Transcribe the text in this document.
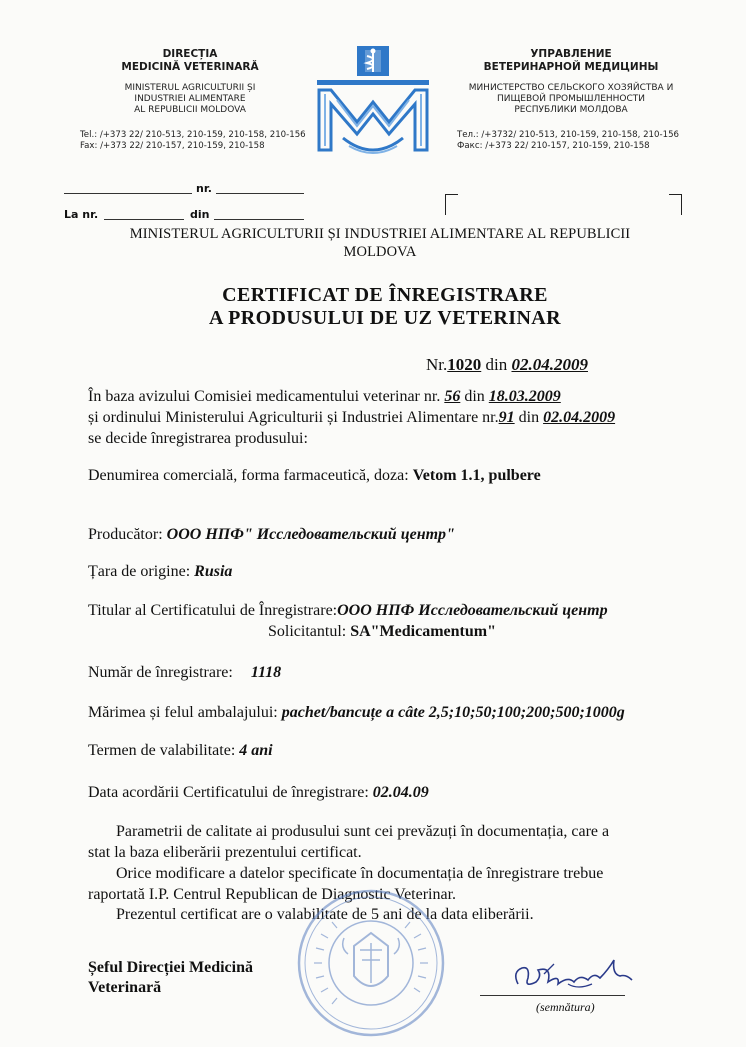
DIRECȚIA
MEDICINĂ VETERINARĂ
MINISTERUL AGRICULTURII ȘI
INDUSTRIEI ALIMENTARE
AL REPUBLICII MOLDOVA
Tel.: /+373 22/ 210-513, 210-159, 210-158, 210-156
Fax: /+373 22/ 210-157, 210-159, 210-158
УПРАВЛЕНИЕ
ВЕТЕРИНАРНОЙ МЕДИЦИНЫ
МИНИСТЕРСТВО СЕЛЬСКОГО ХОЗЯЙСТВА И
ПИЩЕВОЙ ПРОМЫШЛЕННОСТИ
РЕСПУБЛИКИ МОЛДОВА
Тел.: /+3732/ 210-513, 210-159, 210-158, 210-156
Факс: /+373 22/ 210-157, 210-159, 210-158
nr.
La nr.	din
MINISTERUL AGRICULTURII ȘI INDUSTRIEI ALIMENTARE AL REPUBLICII
MOLDOVA
CERTIFICAT DE ÎNREGISTRARE
A PRODUSULUI DE UZ VETERINAR
Nr.1020 din 02.04.2009
În baza avizului Comisiei medicamentului veterinar nr. 56 din 18.03.2009
și ordinului Ministerului Agriculturii și Industriei Alimentare nr.91 din 02.04.2009
se decide înregistrarea produsului:
Denumirea comercială, forma farmaceutică, doza: Vetom 1.1, pulbere
Producător: ООО НПФ" Исследовательский центр"
Țara de origine: Rusia
Titular al Certificatului de Înregistrare:ООО НПФ Исследовательский центр
Solicitantul: SA"Medicamentum"
Număr de înregistrare: 1118
Mărimea și felul ambalajului: pachet/bancuțe a câte 2,5;10;50;100;200;500;1000g
Termen de valabilitate: 4 ani
Data acordării Certificatului de înregistrare: 02.04.09
Parametrii de calitate ai produsului sunt cei prevăzuți în documentația, care a
stat la baza eliberării prezentului certificat.
Orice modificare a datelor specificate în documentația de înregistrare trebue
raportată I.P. Centrul Republican de Diagnostic Veterinar.
Prezentul certificat are o valabilitate de 5 ani de la data eliberării.
Șeful Direcției Medicină
Veterinară
(semnătura)
